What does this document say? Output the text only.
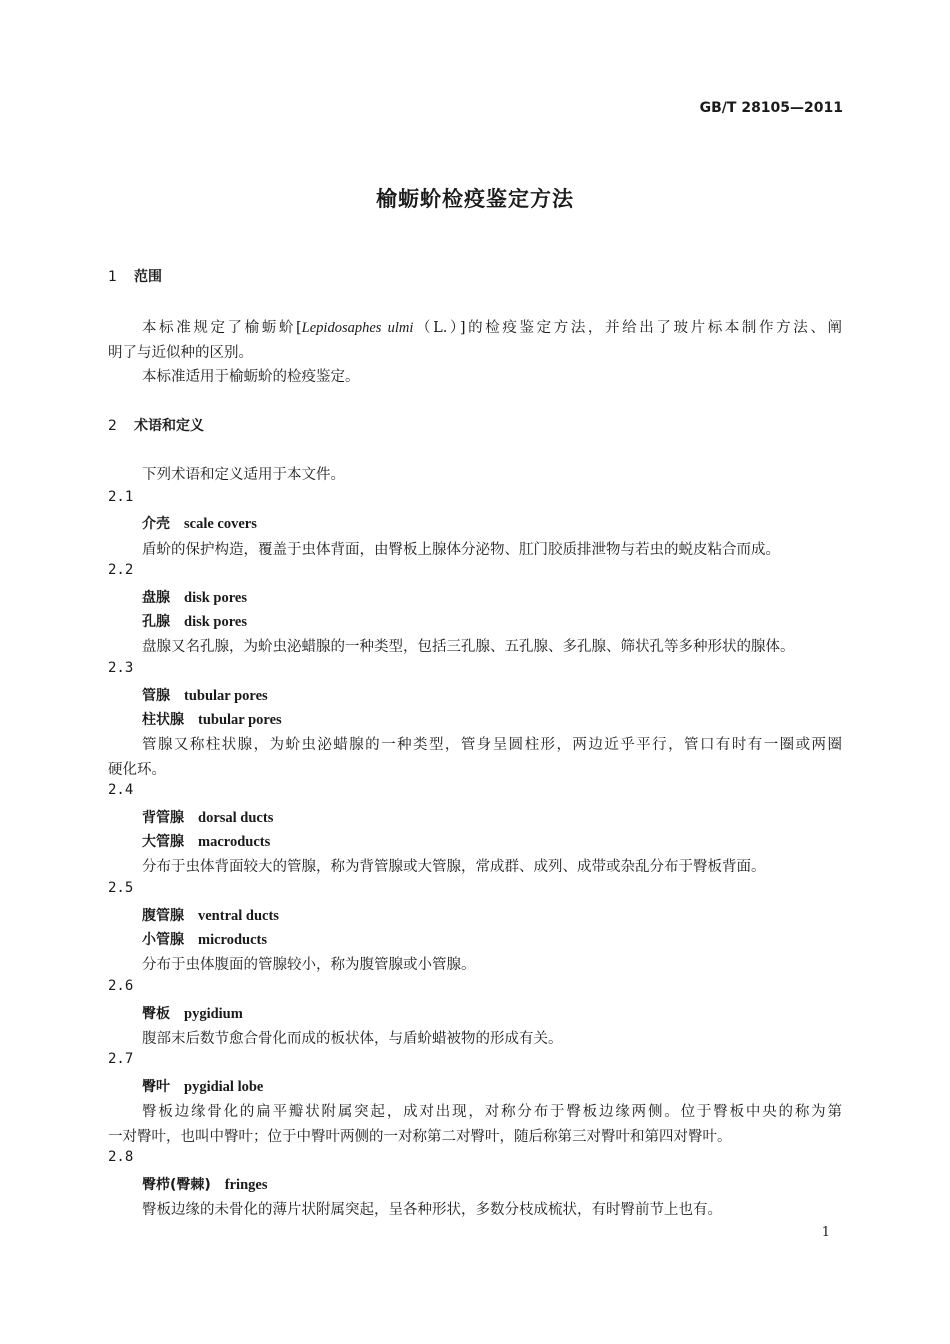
GB/T 28105—2011
榆蛎蚧检疫鉴定方法
1 范围
本标准规定了榆蛎蚧[Lepidosaphes ulmi（L.）]的检疫鉴定方法，并给出了玻片标本制作方法、阐
明了与近似种的区别。
本标准适用于榆蛎蚧的检疫鉴定。
2 术语和定义
下列术语和定义适用于本文件。
2.1
介壳 scale covers
盾蚧的保护构造，覆盖于虫体背面，由臀板上腺体分泌物、肛门胶质排泄物与若虫的蜕皮粘合而成。
2.2
盘腺 disk pores
孔腺 disk pores
盘腺又名孔腺，为蚧虫泌蜡腺的一种类型，包括三孔腺、五孔腺、多孔腺、筛状孔等多种形状的腺体。
2.3
管腺 tubular pores
柱状腺 tubular pores
管腺又称柱状腺，为蚧虫泌蜡腺的一种类型，管身呈圆柱形，两边近乎平行，管口有时有一圈或两圈
硬化环。
2.4
背管腺 dorsal ducts
大管腺 macroducts
分布于虫体背面较大的管腺，称为背管腺或大管腺，常成群、成列、成带或杂乱分布于臀板背面。
2.5
腹管腺 ventral ducts
小管腺 microducts
分布于虫体腹面的管腺较小，称为腹管腺或小管腺。
2.6
臀板 pygidium
腹部末后数节愈合骨化而成的板状体，与盾蚧蜡被物的形成有关。
2.7
臀叶 pygidial lobe
臀板边缘骨化的扁平瓣状附属突起，成对出现，对称分布于臀板边缘两侧。位于臀板中央的称为第
一对臀叶，也叫中臀叶；位于中臀叶两侧的一对称第二对臀叶，随后称第三对臀叶和第四对臀叶。
2.8
臀栉(臀棘) fringes
臀板边缘的未骨化的薄片状附属突起，呈各种形状，多数分枝成梳状，有时臀前节上也有。
1
